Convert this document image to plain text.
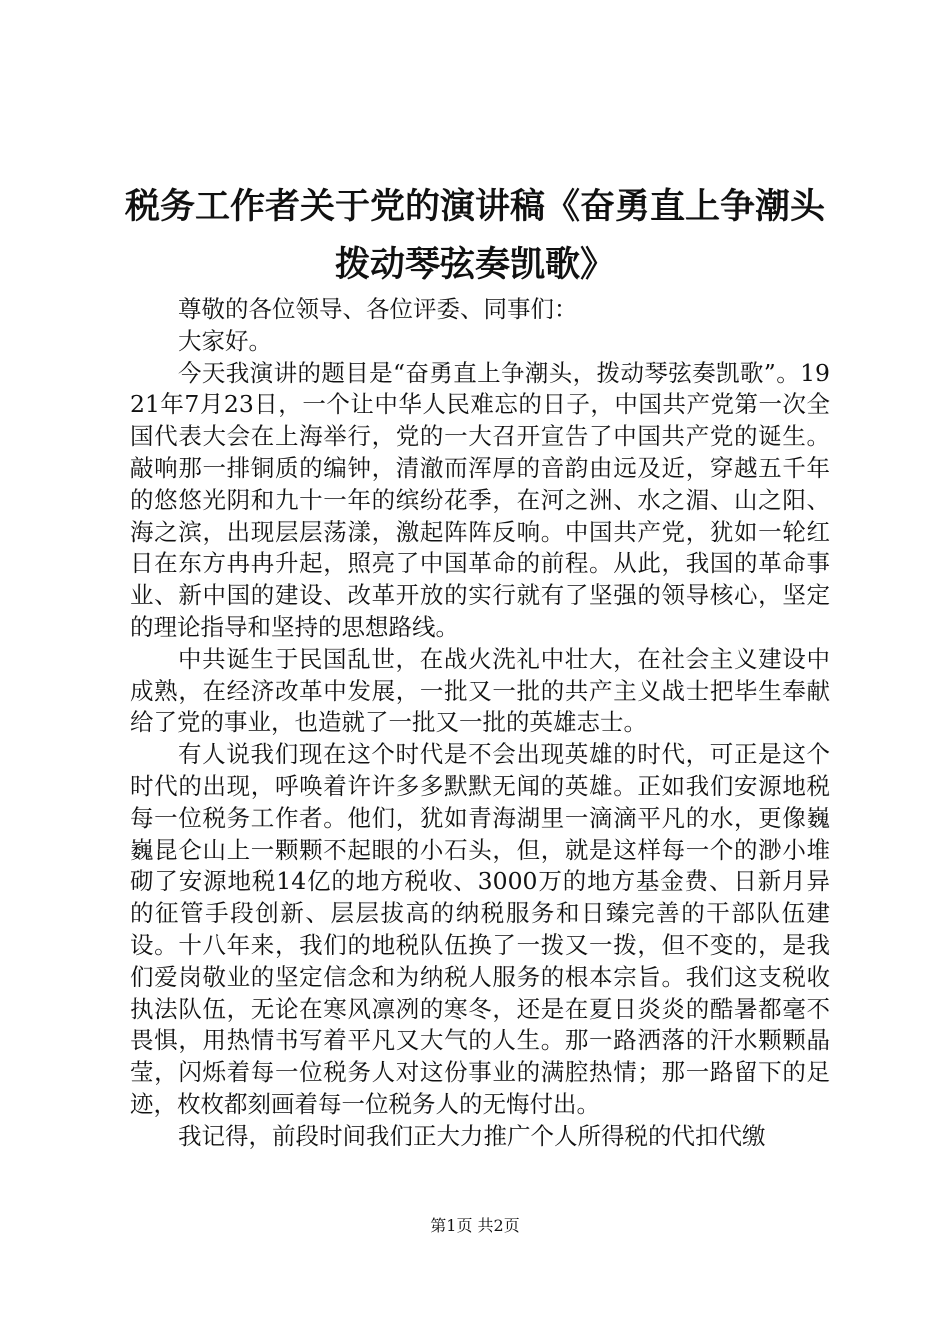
税务工作者关于党的演讲稿《奋勇直上争潮头
拨动琴弦奏凯歌》

尊敬的各位领导、各位评委、同事们：

大家好。

今天我演讲的题目是“奋勇直上争潮头，拨动琴弦奏凯歌”。1921年7月23日，一个让中华人民难忘的日子，中国共产党第一次全国代表大会在上海举行，党的一大召开宣告了中国共产党的诞生。敲响那一排铜质的编钟，清澈而浑厚的音韵由远及近，穿越五千年的悠悠光阴和九十一年的缤纷花季，在河之洲、水之湄、山之阳、海之滨，出现层层荡漾，激起阵阵反响。中国共产党，犹如一轮红日在东方冉冉升起，照亮了中国革命的前程。从此，我国的革命事业、新中国的建设、改革开放的实行就有了坚强的领导核心，坚定的理论指导和坚持的思想路线。

中共诞生于民国乱世，在战火洗礼中壮大，在社会主义建设中成熟，在经济改革中发展，一批又一批的共产主义战士把毕生奉献给了党的事业，也造就了一批又一批的英雄志士。

有人说我们现在这个时代是不会出现英雄的时代，可正是这个时代的出现，呼唤着许许多多默默无闻的英雄。正如我们安源地税每一位税务工作者。他们，犹如青海湖里一滴滴平凡的水，更像巍巍昆仑山上一颗颗不起眼的小石头，但，就是这样每一个的渺小堆砌了安源地税14亿的地方税收、3000万的地方基金费、日新月异的征管手段创新、层层拔高的纳税服务和日臻完善的干部队伍建设。十八年来，我们的地税队伍换了一拨又一拨，但不变的，是我们爱岗敬业的坚定信念和为纳税人服务的根本宗旨。我们这支税收执法队伍，无论在寒风凛冽的寒冬，还是在夏日炎炎的酷暑都毫不畏惧，用热情书写着平凡又大气的人生。那一路洒落的汗水颗颗晶莹，闪烁着每一位税务人对这份事业的满腔热情；那一路留下的足迹，枚枚都刻画着每一位税务人的无悔付出。

我记得，前段时间我们正大力推广个人所得税的代扣代缴

第1页 共2页
